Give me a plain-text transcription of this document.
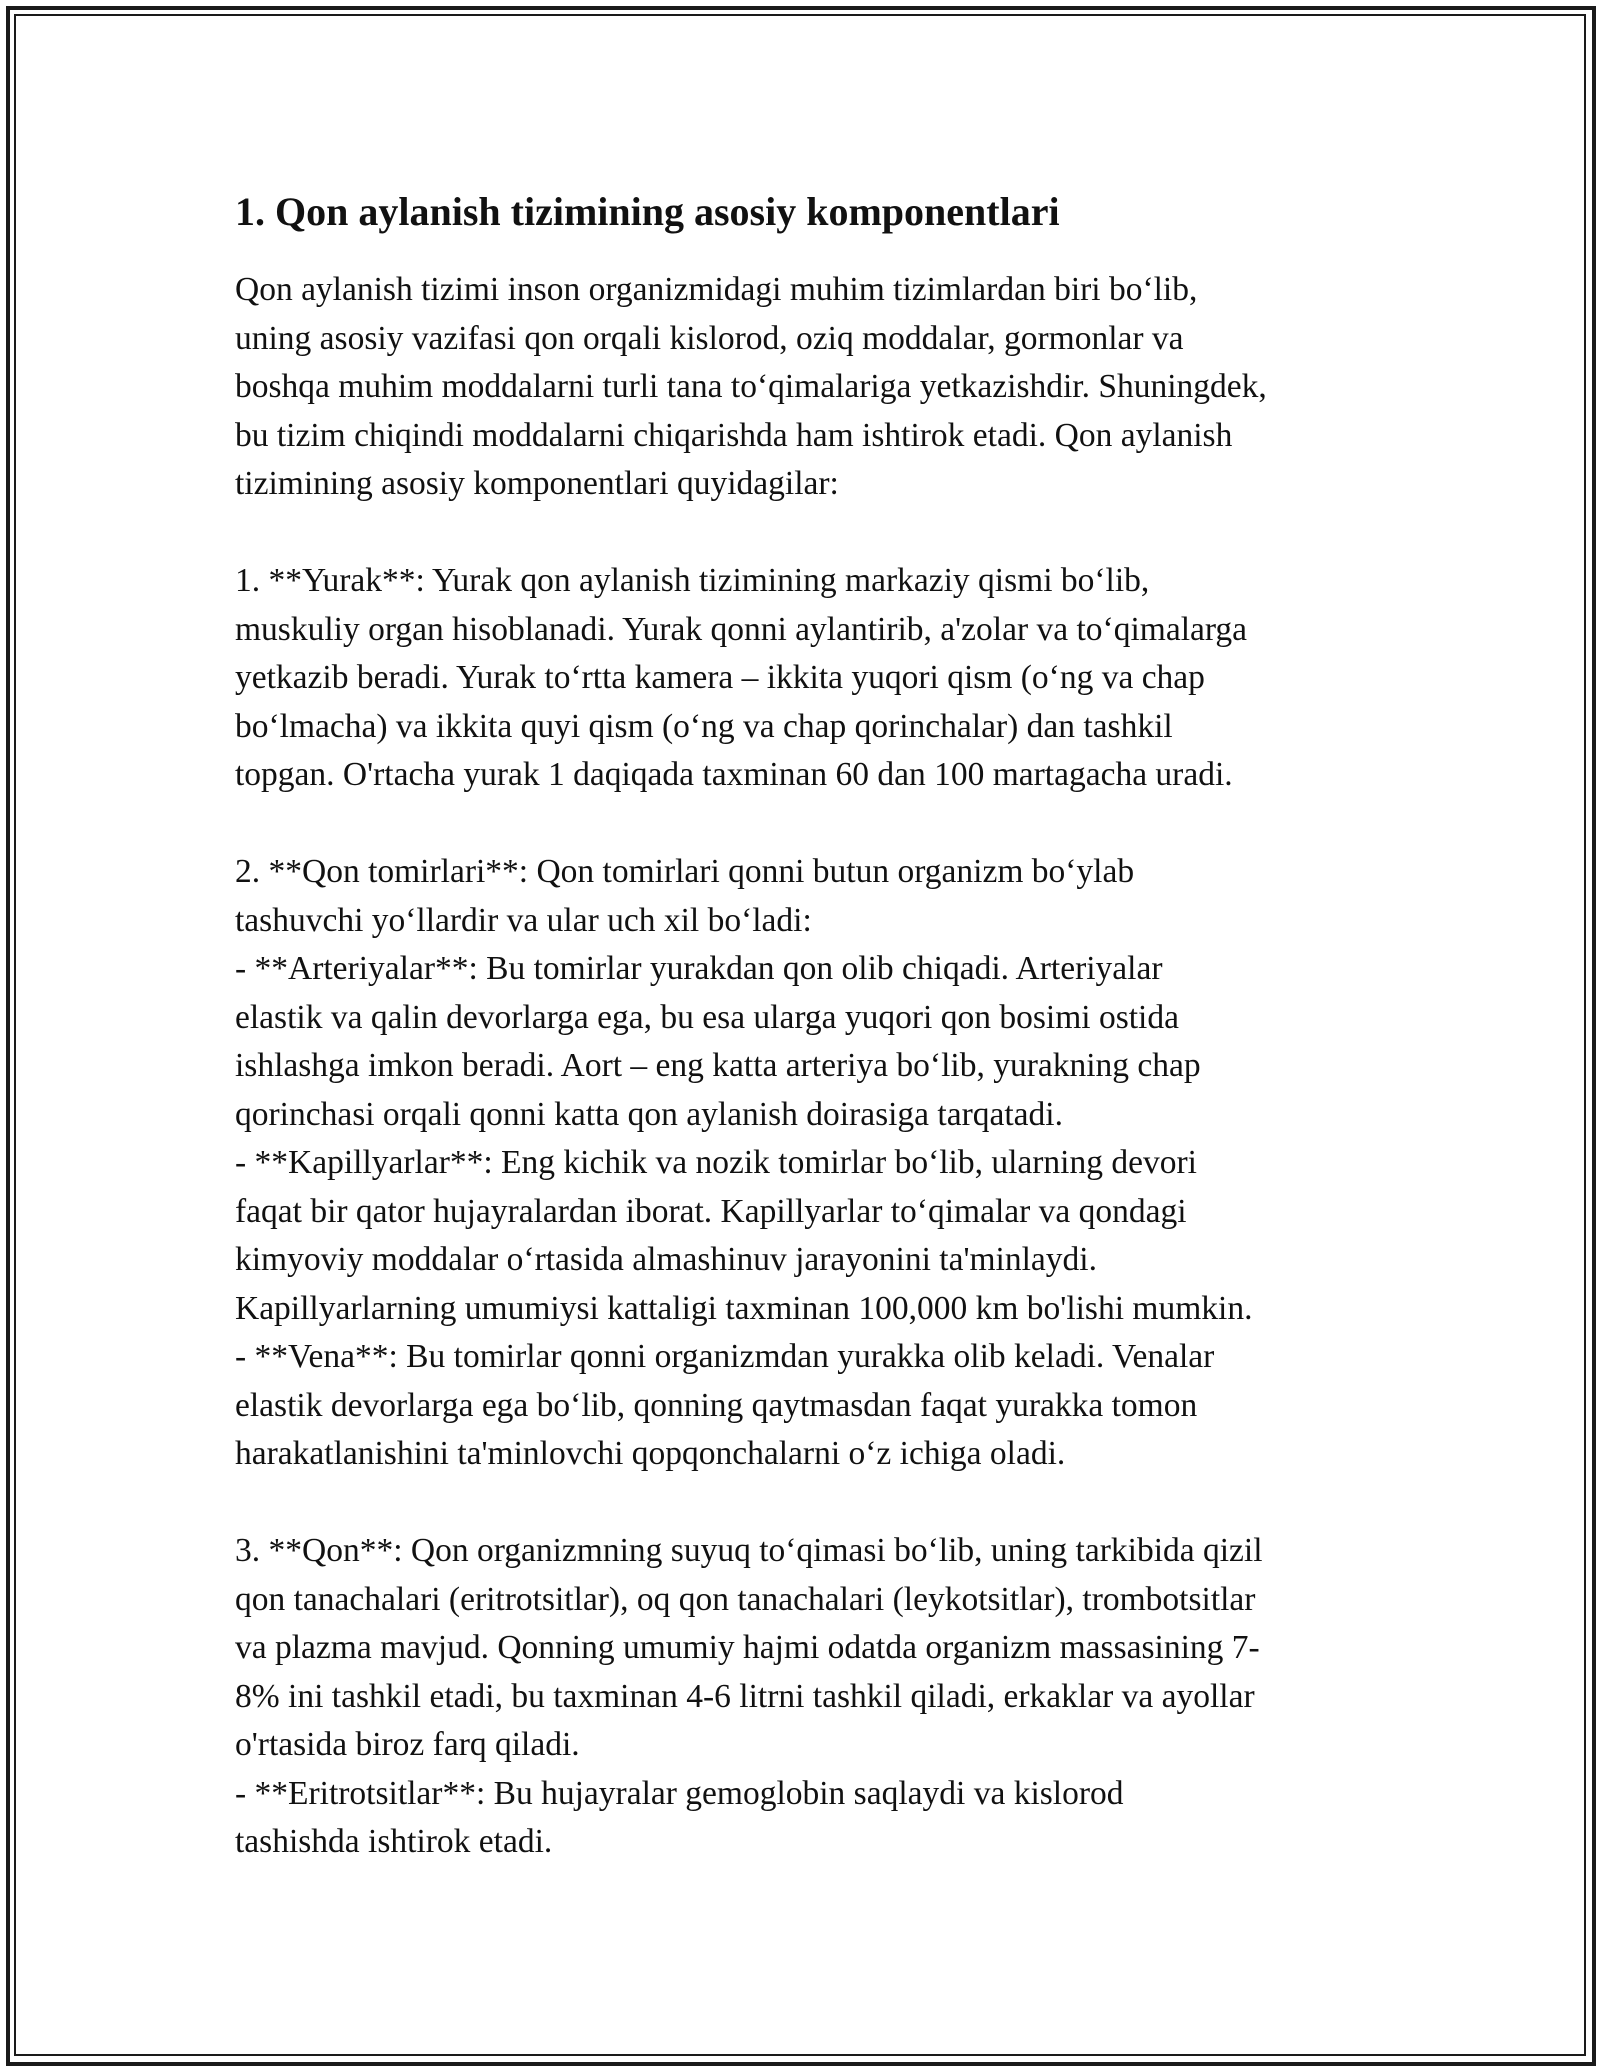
1. Qon aylanish tizimining asosiy komponentlari

Qon aylanish tizimi inson organizmidagi muhim tizimlardan biri bo‘lib,
uning asosiy vazifasi qon orqali kislorod, oziq moddalar, gormonlar va
boshqa muhim moddalarni turli tana to‘qimalariga yetkazishdir. Shuningdek,
bu tizim chiqindi moddalarni chiqarishda ham ishtirok etadi. Qon aylanish
tizimining asosiy komponentlari quyidagilar:

1. **Yurak**: Yurak qon aylanish tizimining markaziy qismi bo‘lib,
muskuliy organ hisoblanadi. Yurak qonni aylantirib, a'zolar va to‘qimalarga
yetkazib beradi. Yurak to‘rtta kamera – ikkita yuqori qism (o‘ng va chap
bo‘lmacha) va ikkita quyi qism (o‘ng va chap qorinchalar) dan tashkil
topgan. O'rtacha yurak 1 daqiqada taxminan 60 dan 100 martagacha uradi.

2. **Qon tomirlari**: Qon tomirlari qonni butun organizm bo‘ylab
tashuvchi yo‘llardir va ular uch xil bo‘ladi:

- **Arteriyalar**: Bu tomirlar yurakdan qon olib chiqadi. Arteriyalar
elastik va qalin devorlarga ega, bu esa ularga yuqori qon bosimi ostida
ishlashga imkon beradi. Aort – eng katta arteriya bo‘lib, yurakning chap
qorinchasi orqali qonni katta qon aylanish doirasiga tarqatadi.

- **Kapillyarlar**: Eng kichik va nozik tomirlar bo‘lib, ularning devori
faqat bir qator hujayralardan iborat. Kapillyarlar to‘qimalar va qondagi
kimyoviy moddalar o‘rtasida almashinuv jarayonini ta'minlaydi.
Kapillyarlarning umumiysi kattaligi taxminan 100,000 km bo'lishi mumkin.

- **Vena**: Bu tomirlar qonni organizmdan yurakka olib keladi. Venalar
elastik devorlarga ega bo‘lib, qonning qaytmasdan faqat yurakka tomon
harakatlanishini ta'minlovchi qopqonchalarni o‘z ichiga oladi.

3. **Qon**: Qon organizmning suyuq to‘qimasi bo‘lib, uning tarkibida qizil
qon tanachalari (eritrotsitlar), oq qon tanachalari (leykotsitlar), trombotsitlar
va plazma mavjud. Qonning umumiy hajmi odatda organizm massasining 7-
8% ini tashkil etadi, bu taxminan 4-6 litrni tashkil qiladi, erkaklar va ayollar
o'rtasida biroz farq qiladi.

- **Eritrotsitlar**: Bu hujayralar gemoglobin saqlaydi va kislorod
tashishda ishtirok etadi.
